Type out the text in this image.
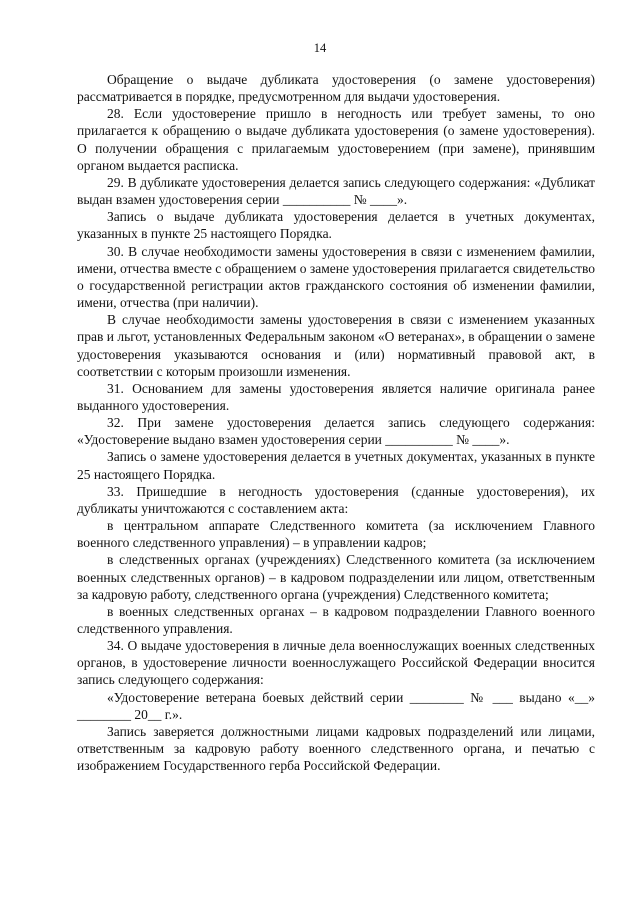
14

Обращение о выдаче дубликата удостоверения (о замене удостоверения) рассматривается в порядке, предусмотренном для выдачи удостоверения.

28. Если удостоверение пришло в негодность или требует замены, то оно прилагается к обращению о выдаче дубликата удостоверения (о замене удостоверения). О получении обращения с прилагаемым удостоверением (при замене), принявшим органом выдается расписка.

29. В дубликате удостоверения делается запись следующего содержания: «Дубликат выдан взамен удостоверения серии __________ № ____».

Запись о выдаче дубликата удостоверения делается в учетных документах, указанных в пункте 25 настоящего Порядка.

30. В случае необходимости замены удостоверения в связи с изменением фамилии, имени, отчества вместе с обращением о замене удостоверения прилагается свидетельство о государственной регистрации актов гражданского состояния об изменении фамилии, имени, отчества (при наличии).

В случае необходимости замены удостоверения в связи с изменением указанных прав и льгот, установленных Федеральным законом «О ветеранах», в обращении о замене удостоверения указываются основания и (или) нормативный правовой акт, в соответствии с которым произошли изменения.

31. Основанием для замены удостоверения является наличие оригинала ранее выданного удостоверения.

32. При замене удостоверения делается запись следующего содержания: «Удостоверение выдано взамен удостоверения серии __________ № ____».

Запись о замене удостоверения делается в учетных документах, указанных в пункте 25 настоящего Порядка.

33. Пришедшие в негодность удостоверения (сданные удостоверения), их дубликаты уничтожаются с составлением акта:

в центральном аппарате Следственного комитета (за исключением Главного военного следственного управления) – в управлении кадров;

в следственных органах (учреждениях) Следственного комитета (за исключением военных следственных органов) – в кадровом подразделении или лицом, ответственным за кадровую работу, следственного органа (учреждения) Следственного комитета;

в военных следственных органах – в кадровом подразделении Главного военного следственного управления.

34. О выдаче удостоверения в личные дела военнослужащих военных следственных органов, в удостоверение личности военнослужащего Российской Федерации вносится запись следующего содержания:

«Удостоверение ветерана боевых действий серии ________ № ___ выдано «__» ________ 20__ г.».

Запись заверяется должностными лицами кадровых подразделений или лицами, ответственным за кадровую работу военного следственного органа, и печатью с изображением Государственного герба Российской Федерации.
